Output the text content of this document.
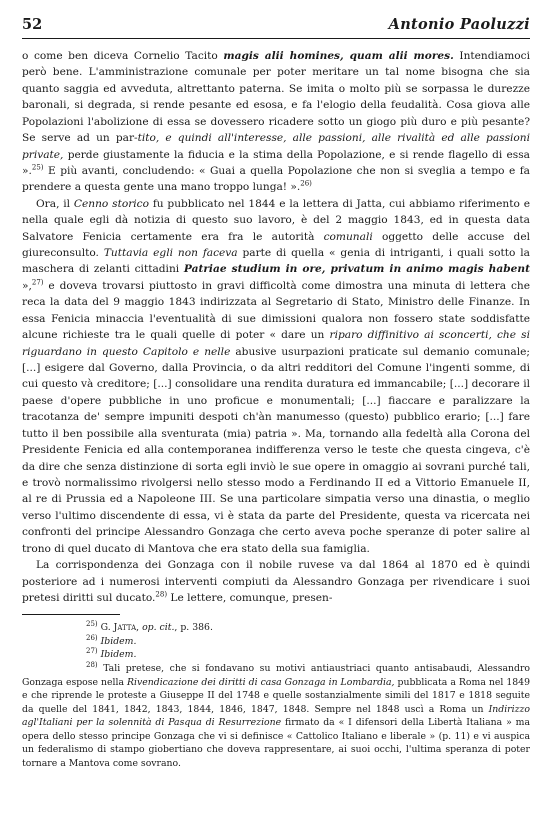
52	Antonio Paoluzzi

o come ben diceva Cornelio Tacito magis alii homines, quam alii mores. Intendiamoci però bene. L'amministrazione comunale per poter meritare un tal nome bisogna che sia quanto saggia ed avveduta, altrettanto paterna. Se imita o molto più se sorpassa le durezze baronali, si degrada, si rende pesante ed esosa, e fa l'elogio della feudalità. Cosa giova alle Popolazioni l'abolizione di essa se dovessero ricadere sotto un giogo più duro e più pesante? Se serve ad un par-tito, e quindi all'interesse, alle passioni, alle rivalità ed alle passioni private, perde giustamente la fiducia e la stima della Popolazione, e si rende flagello di essa ».$^{25)}$ E più avanti, concludendo: « Guai a quella Popolazione che non si sveglia a tempo e fa prendere a questa gente una mano troppo lunga! ».$^{26)}$

Ora, il Cenno storico fu pubblicato nel 1844 e la lettera di Jatta, cui abbiamo riferimento e nella quale egli dà notizia di questo suo lavoro, è del 2 maggio 1843, ed in questa data Salvatore Fenicia certamente era fra le autorità comunali oggetto delle accuse del giureconsulto. Tuttavia egli non faceva parte di quella « genia di intriganti, i quali sotto la maschera di zelanti cittadini Patriae studium in ore, privatum in animo magis habent »,$^{27)}$ e doveva trovarsi piuttosto in gravi difficoltà come dimostra una minuta di lettera che reca la data del 9 maggio 1843 indirizzata al Segretario di Stato, Ministro delle Finanze. In essa Fenicia minaccia l'eventualità di sue dimissioni qualora non fossero state soddisfatte alcune richieste tra le quali quelle di poter « dare un riparo diffinitivo ai sconcerti, che si riguardano in questo Capitolo e nelle abusive usurpazioni praticate sul demanio comunale; [...] esigere dal Governo, dalla Provincia, o da altri redditori del Comune l'ingenti somme, di cui questo và creditore; [...] consolidare una rendita duratura ed immancabile; [...] decorare il paese d'opere pubbliche in uno proficue e monumentali; [...] fiaccare e paralizzare la tracotanza de' sempre impuniti despoti ch'àn manumesso (questo) pubblico erario; [...] fare tutto il ben possibile alla sventurata (mia) patria ». Ma, tornando alla fedeltà alla Corona del Presidente Fenicia ed alla contemporanea indifferenza verso le teste che questa cingeva, c'è da dire che senza distinzione di sorta egli inviò le sue opere in omaggio ai sovrani purché tali, e trovò normalissimo rivolgersi nello stesso modo a Ferdinando II ed a Vittorio Emanuele II, al re di Prussia ed a Napoleone III. Se una particolare simpatia verso una dinastia, o meglio verso l'ultimo discendente di essa, vi è stata da parte del Presidente, questa va ricercata nei confronti del principe Alessandro Gonzaga che certo aveva poche speranze di poter salire al trono di quel ducato di Mantova che era stato della sua famiglia.

La corrispondenza dei Gonzaga con il nobile ruvese va dal 1864 al 1870 ed è quindi posteriore ad i numerosi interventi compiuti da Alessandro Gonzaga per rivendicare i suoi pretesi diritti sul ducato.$^{28)}$ Le lettere, comunque, presen-

$^{25)}$ G. Jatta, op. cit., p. 386.

$^{26)}$ Ibidem.

$^{27)}$ Ibidem.

$^{28)}$ Tali pretese, che si fondavano su motivi antiaustriaci quanto antisabaudi, Alessandro Gonzaga espose nella Rivendicazione dei diritti di casa Gonzaga in Lombardia, pubblicata a Roma nel 1849 e che riprende le proteste a Giuseppe II del 1748 e quelle sostanzialmente simili del 1817 e 1818 seguite da quelle del 1841, 1842, 1843, 1844, 1846, 1847, 1848. Sempre nel 1848 uscì a Roma un Indirizzo agl'Italiani per la solennità di Pasqua di Resurrezione firmato da « I difensori della Libertà Italiana » ma opera dello stesso principe Gonzaga che vi si definisce « Cattolico Italiano e liberale » (p. 11) e vi auspica un federalismo di stampo giobertiano che doveva rappresentare, ai suoi occhi, l'ultima speranza di poter tornare a Mantova come sovrano.
